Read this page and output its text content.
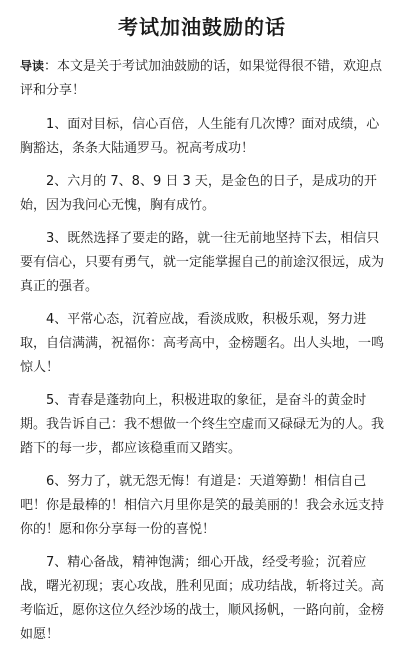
考试加油鼓励的话
导读：本文是关于考试加油鼓励的话，如果觉得很不错，欢迎点评和分享！
1、面对目标，信心百倍，人生能有几次博？面对成绩，心胸豁达，条条大陆通罗马。祝高考成功！
2、六月的 7、8、9 日 3 天，是金色的日子，是成功的开始，因为我问心无愧，胸有成竹。
3、既然选择了要走的路，就一往无前地坚持下去，相信只要有信心，只要有勇气，就一定能掌握自己的前途汉很远，成为真正的强者。
4、平常心态，沉着应战，看淡成败，积极乐观，努力进取，自信满满，祝福你：高考高中，金榜题名。出人头地，一鸣惊人！
5、青春是蓬勃向上，积极进取的象征，是奋斗的黄金时期。我告诉自己：我不想做一个终生空虚而又碌碌无为的人。我踏下的每一步，都应该稳重而又踏实。
6、努力了，就无怨无悔！有道是：天道筹勤！相信自己吧！你是最棒的！相信六月里你是笑的最美丽的！我会永远支持你的！愿和你分享每一份的喜悦！
7、精心备战，精神饱满；细心开战，经受考验；沉着应战，曙光初现；衷心攻战，胜利见面；成功结战，斩将过关。高考临近，愿你这位久经沙场的战士，顺风扬帆，一路向前，金榜如愿！
